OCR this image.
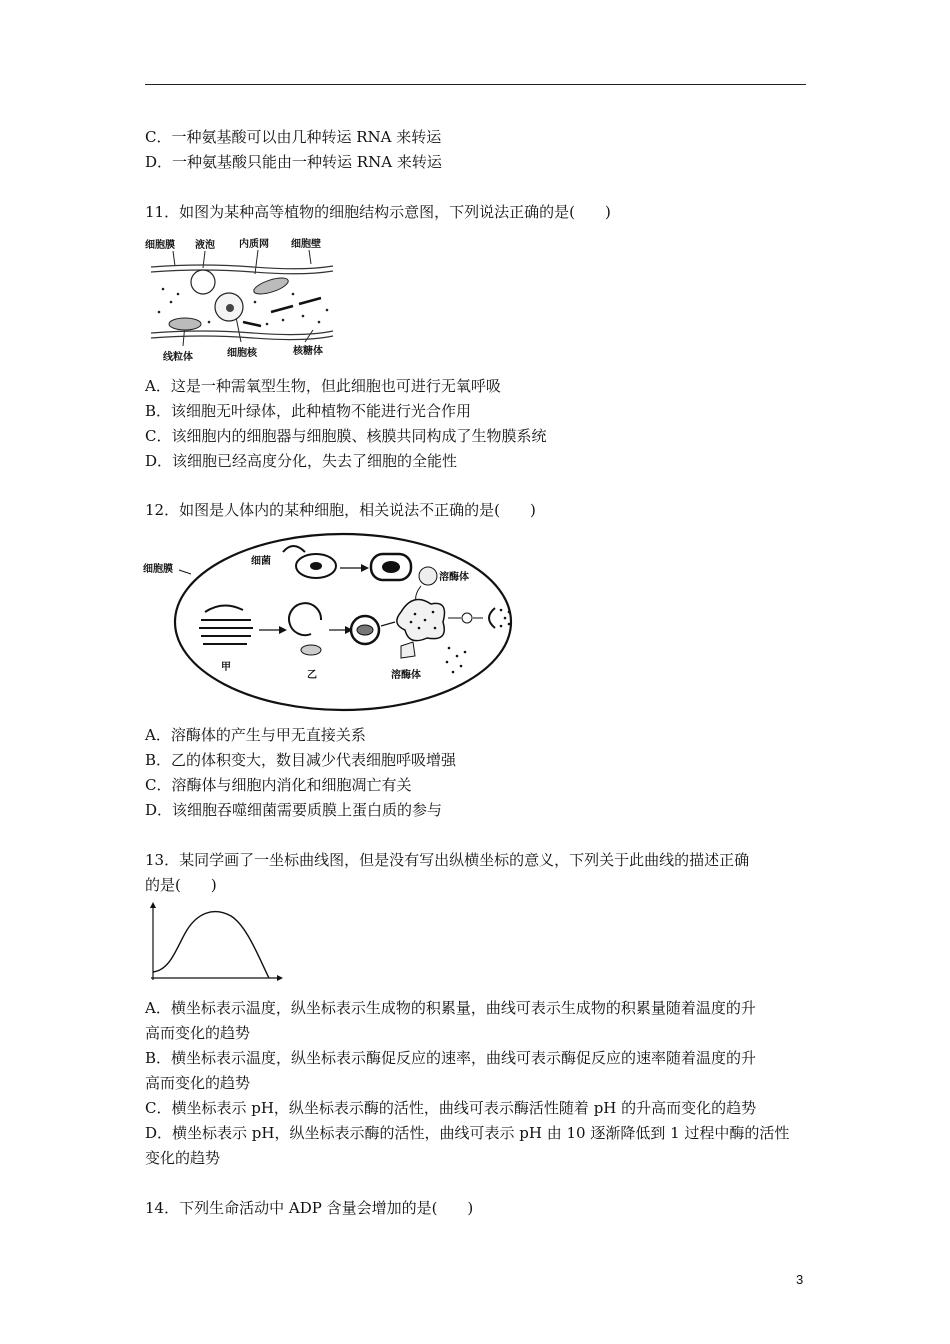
C．一种氨基酸可以由几种转运 RNA 来转运
D．一种氨基酸只能由一种转运 RNA 来转运
11．如图为某种高等植物的细胞结构示意图，下列说法正确的是(　　)
细胞膜 液泡 内质网 细胞壁
线粒体	细胞核	核糖体
A．这是一种需氧型生物，但此细胞也可进行无氧呼吸
B．该细胞无叶绿体，此种植物不能进行光合作用
C．该细胞内的细胞器与细胞膜、核膜共同构成了生物膜系统
D．该细胞已经高度分化，失去了细胞的全能性
12．如图是人体内的某种细胞，相关说法不正确的是(　　)
细胞膜
细菌
溶酶体
溶酶体
甲
乙
A．溶酶体的产生与甲无直接关系
B．乙的体积变大，数目减少代表细胞呼吸增强
C．溶酶体与细胞内消化和细胞凋亡有关
D．该细胞吞噬细菌需要质膜上蛋白质的参与
13．某同学画了一坐标曲线图，但是没有写出纵横坐标的意义，下列关于此曲线的描述正确
的是(　　)
A．横坐标表示温度，纵坐标表示生成物的积累量，曲线可表示生成物的积累量随着温度的升
高而变化的趋势
B．横坐标表示温度，纵坐标表示酶促反应的速率，曲线可表示酶促反应的速率随着温度的升
高而变化的趋势
C．横坐标表示 pH，纵坐标表示酶的活性，曲线可表示酶活性随着 pH 的升高而变化的趋势
D．横坐标表示 pH，纵坐标表示酶的活性，曲线可表示 pH 由 10 逐渐降低到 1 过程中酶的活性
变化的趋势
14．下列生命活动中 ADP 含量会增加的是(　　)
3
